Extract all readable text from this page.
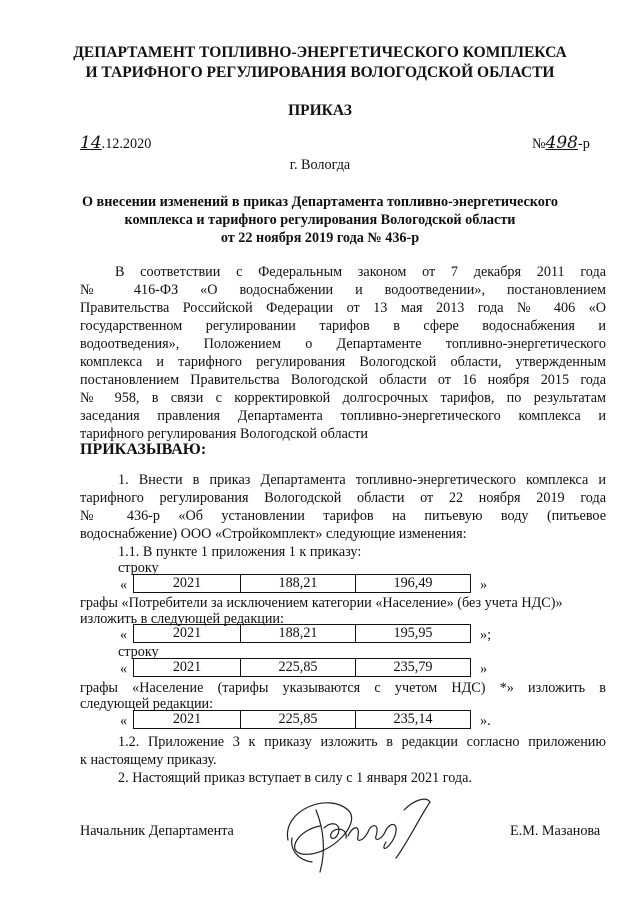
ДЕПАРТАМЕНТ ТОПЛИВНО-ЭНЕРГЕТИЧЕСКОГО КОМПЛЕКСА
И ТАРИФНОГО РЕГУЛИРОВАНИЯ ВОЛОГОДСКОЙ ОБЛАСТИ
ПРИКАЗ
14.12.2020	№498-р
г. Вологда
О внесении изменений в приказ Департамента топливно-энергетического
комплекса и тарифного регулирования Вологодской области
от 22 ноября 2019 года № 436-р
В соответствии с Федеральным законом от 7 декабря 2011 года
№ 416-ФЗ «О водоснабжении и водоотведении», постановлением
Правительства Российской Федерации от 13 мая 2013 года № 406 «О
государственном регулировании тарифов в сфере водоснабжения и
водоотведения», Положением о Департаменте топливно-энергетического
комплекса и тарифного регулирования Вологодской области, утвержденным
постановлением Правительства Вологодской области от 16 ноября 2015 года
№ 958, в связи с корректировкой долгосрочных тарифов, по результатам
заседания правления Департамента топливно-энергетического комплекса и
тарифного регулирования Вологодской области
ПРИКАЗЫВАЮ:
1. Внести в приказ Департамента топливно-энергетического комплекса и
тарифного регулирования Вологодской области от 22 ноября 2019 года
№ 436-р «Об установлении тарифов на питьевую воду (питьевое
водоснабжение) ООО «Стройкомплект» следующие изменения:
1.1. В пункте 1 приложения 1 к приказу:
строку
«	2021	188,21	196,49	»
графы «Потребители за исключением категории «Население» (без учета НДС)»
изложить в следующей редакции:
«	2021	188,21	195,95	»;
строку
«	2021	225,85	235,79	»
графы «Население (тарифы указываются с учетом НДС) *» изложить в
следующей редакции:
«	2021	225,85	235,14	».
1.2. Приложение 3 к приказу изложить в редакции согласно приложению
к настоящему приказу.
2. Настоящий приказ вступает в силу с 1 января 2021 года.
Начальник Департамента	Е.М. Мазанова
